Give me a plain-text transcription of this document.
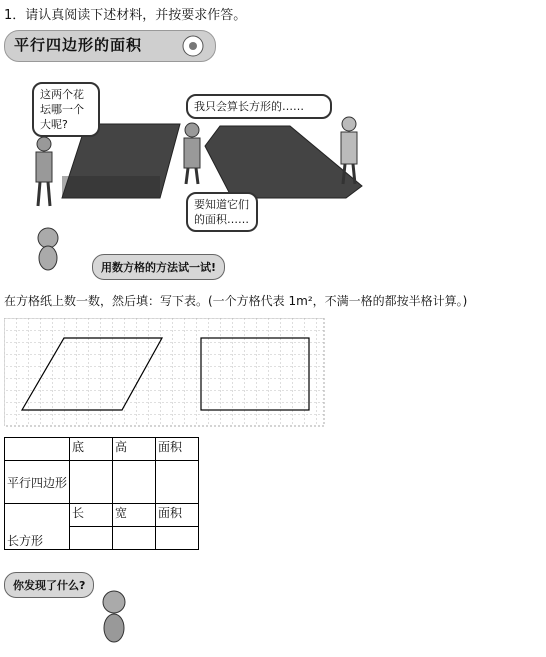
1．请认真阅读下述材料，并按要求作答。
平行四边形的面积
这两个花坛哪一个大呢?
我只会算长方形的……
要知道它们的面积……
用数方格的方法试一试!
在方格纸上数一数，然后填：写下表。(一个方格代表 1m²，不满一格的都按半格计算。)
	底	高	面积
平行四边形			
长方形	长	宽	面积

你发现了什么?
